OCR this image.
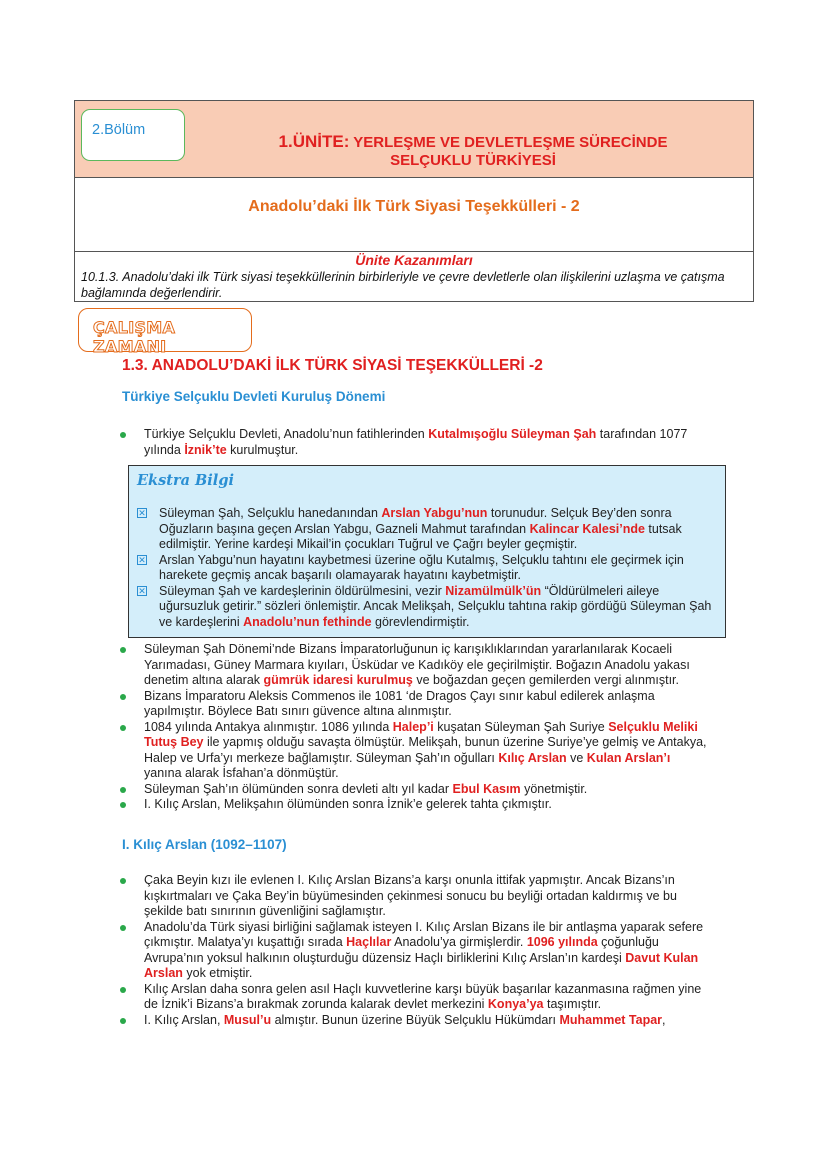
2.Bölüm
1.ÜNİTE: YERLEŞME VE DEVLETLEŞME SÜRECİNDE
SELÇUKLU TÜRKİYESİ
Anadolu’daki İlk Türk Siyasi Teşekkülleri - 2
Ünite Kazanımları
10.1.3. Anadolu’daki ilk Türk siyasi teşekküllerinin birbirleriyle ve çevre devletlerle olan ilişkilerini uzlaşma ve çatışma bağlamında değerlendirir.
ÇALIŞMA ZAMANI
1.3. ANADOLU’DAKİ İLK TÜRK SİYASİ TEŞEKKÜLLERİ -2
Türkiye Selçuklu Devleti Kuruluş Dönemi
Türkiye Selçuklu Devleti, Anadolu’nun fatihlerinden Kutalmışoğlu Süleyman Şah tarafından 1077 yılında İznik’te kurulmuştur.
Ekstra Bilgi
✕ Süleyman Şah, Selçuklu hanedanından Arslan Yabgu’nun torunudur. Selçuk Bey’den sonra Oğuzların başına geçen Arslan Yabgu, Gazneli Mahmut tarafından Kalincar Kalesi’nde tutsak edilmiştir. Yerine kardeşi Mikail’in çocukları Tuğrul ve Çağrı beyler geçmiştir.
✕ Arslan Yabgu’nun hayatını kaybetmesi üzerine oğlu Kutalmış, Selçuklu tahtını ele geçirmek için harekete geçmiş ancak başarılı olamayarak hayatını kaybetmiştir.
✕ Süleyman Şah ve kardeşlerinin öldürülmesini, vezir Nizamülmülk’ün “Öldürülmeleri aileye uğursuzluk getirir.” sözleri önlemiştir. Ancak Melikşah, Selçuklu tahtına rakip gördüğü Süleyman Şah ve kardeşlerini Anadolu’nun fethinde görevlendirmiştir.
Süleyman Şah Dönemi’nde Bizans İmparatorluğunun iç karışıklıklarından yararlanılarak Kocaeli Yarımadası, Güney Marmara kıyıları, Üsküdar ve Kadıköy ele geçirilmiştir. Boğazın Anadolu yakası denetim altına alarak gümrük idaresi kurulmuş ve boğazdan geçen gemilerden vergi alınmıştır.
Bizans İmparatoru Aleksis Commenos ile 1081 ‘de Dragos Çayı sınır kabul edilerek anlaşma yapılmıştır. Böylece Batı sınırı güvence altına alınmıştır.
1084 yılında Antakya alınmıştır. 1086 yılında Halep’i kuşatan Süleyman Şah Suriye Selçuklu Meliki Tutuş Bey ile yapmış olduğu savaşta ölmüştür. Melikşah, bunun üzerine Suriye’ye gelmiş ve Antakya, Halep ve Urfa’yı merkeze bağlamıştır. Süleyman Şah’ın oğulları Kılıç Arslan ve Kulan Arslan’ı yanına alarak İsfahan’a dönmüştür.
Süleyman Şah’ın ölümünden sonra devleti altı yıl kadar Ebul Kasım yönetmiştir.
I. Kılıç Arslan, Melikşahın ölümünden sonra İznik’e gelerek tahta çıkmıştır.
I. Kılıç Arslan (1092–1107)
Çaka Beyin kızı ile evlenen I. Kılıç Arslan Bizans’a karşı onunla ittifak yapmıştır. Ancak Bizans’ın kışkırtmaları ve Çaka Bey’in büyümesinden çekinmesi sonucu bu beyliği ortadan kaldırmış ve bu şekilde batı sınırının güvenliğini sağlamıştır.
Anadolu’da Türk siyasi birliğini sağlamak isteyen I. Kılıç Arslan Bizans ile bir antlaşma yaparak sefere çıkmıştır. Malatya’yı kuşattığı sırada Haçlılar Anadolu’ya girmişlerdir. 1096 yılında çoğunluğu Avrupa’nın yoksul halkının oluşturduğu düzensiz Haçlı birliklerini Kılıç Arslan’ın kardeşi Davut Kulan Arslan yok etmiştir.
Kılıç Arslan daha sonra gelen asıl Haçlı kuvvetlerine karşı büyük başarılar kazanmasına rağmen yine de İznik’i Bizans’a bırakmak zorunda kalarak devlet merkezini Konya’ya taşımıştır.
I. Kılıç Arslan, Musul’u almıştır. Bunun üzerine Büyük Selçuklu Hükümdarı Muhammet Tapar,
